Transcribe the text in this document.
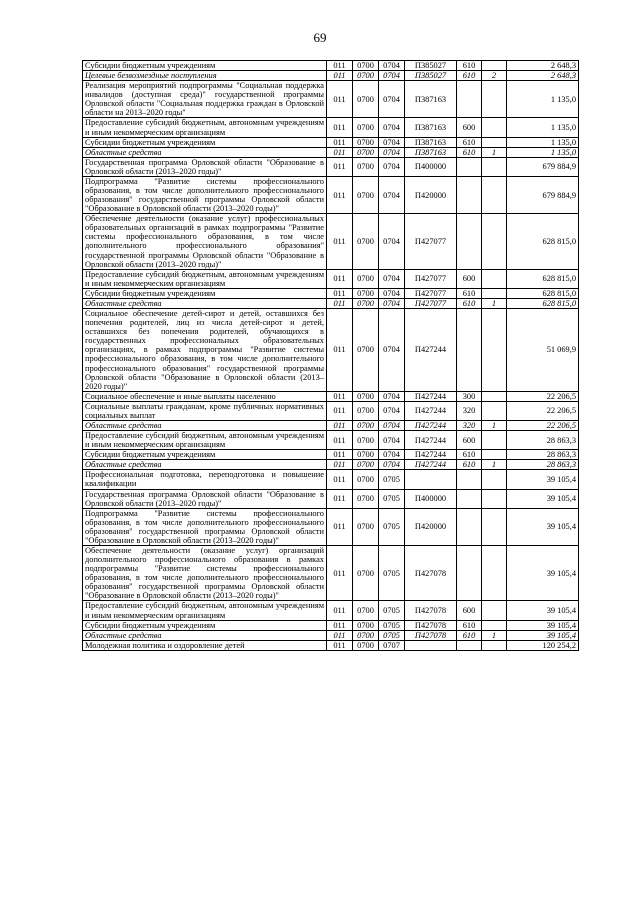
69
Субсидии бюджетным учреждениям	011	0700	0704	П385027	610		2 648,3
Целевые безвозмездные поступления	011	0700	0704	П385027	610	2	2 648,3
Реализация мероприятий подпрограммы "Социальная поддержка инвалидов (доступная среда)" государственной программы Орловской области "Социальная поддержка граждан в Орловской области на 2013–2020 годы"	011	0700	0704	П387163			1 135,0
Предоставление субсидий бюджетным, автономным учреждениям и иным некоммерческим организациям	011	0700	0704	П387163	600		1 135,0
Субсидии бюджетным учреждениям	011	0700	0704	П387163	610		1 135,0
Областные средства	011	0700	0704	П387163	610	1	1 135,0
Государственная программа Орловской области "Образование в Орловской области (2013–2020 годы)"	011	0700	0704	П400000			679 884,9
Подпрограмма "Развитие системы профессионального образования, в том числе дополнительного профессионального образования" государственной программы Орловской области "Образование в Орловской области (2013–2020 годы)"	011	0700	0704	П420000			679 884,9
Обеспечение деятельности (оказание услуг) профессиональных образовательных организаций в рамках подпрограммы "Развитие системы профессионального образования, в том числе дополнительного профессионального образования" государственной программы Орловской области "Образование в Орловской области (2013–2020 годы)"	011	0700	0704	П427077			628 815,0
Предоставление субсидий бюджетным, автономным учреждениям и иным некоммерческим организациям	011	0700	0704	П427077	600		628 815,0
Субсидии бюджетным учреждениям	011	0700	0704	П427077	610		628 815,0
Областные средства	011	0700	0704	П427077	610	1	628 815,0
Социальное обеспечение детей-сирот и детей, оставшихся без попечения родителей, лиц из числа детей-сирот и детей, оставшихся без попечения родителей, обучающихся в государственных профессиональных образовательных организациях, в рамках подпрограммы "Развитие системы профессионального образования, в том числе дополнительного профессионального образования" государственной программы Орловской области "Образование в Орловской области (2013–2020 годы)"	011	0700	0704	П427244			51 069,9
Социальное обеспечение и иные выплаты населению	011	0700	0704	П427244	300		22 206,5
Социальные выплаты гражданам, кроме публичных нормативных социальных выплат	011	0700	0704	П427244	320		22 206,5
Областные средства	011	0700	0704	П427244	320	1	22 206,5
Предоставление субсидий бюджетным, автономным учреждениям и иным некоммерческим организациям	011	0700	0704	П427244	600		28 863,3
Субсидии бюджетным учреждениям	011	0700	0704	П427244	610		28 863,3
Областные средства	011	0700	0704	П427244	610	1	28 863,3
Профессиональная подготовка, переподготовка и повышение квалификации	011	0700	0705				39 105,4
Государственная программа Орловской области "Образование в Орловской области (2013–2020 годы)"	011	0700	0705	П400000			39 105,4
Подпрограмма "Развитие системы профессионального образования, в том числе дополнительного профессионального образования" государственной программы Орловской области "Образование в Орловской области (2013–2020 годы)"	011	0700	0705	П420000			39 105,4
Обеспечение деятельности (оказание услуг) организаций дополнительного профессионального образования в рамках подпрограммы "Развитие системы профессионального образования, в том числе дополнительного профессионального образования" государственной программы Орловской области "Образование в Орловской области (2013–2020 годы)"	011	0700	0705	П427078			39 105,4
Предоставление субсидий бюджетным, автономным учреждениям и иным некоммерческим организациям	011	0700	0705	П427078	600		39 105,4
Субсидии бюджетным учреждениям	011	0700	0705	П427078	610		39 105,4
Областные средства	011	0700	0705	П427078	610	1	39 105,4
Молодежная политика и оздоровление детей	011	0700	0707				120 254,2
